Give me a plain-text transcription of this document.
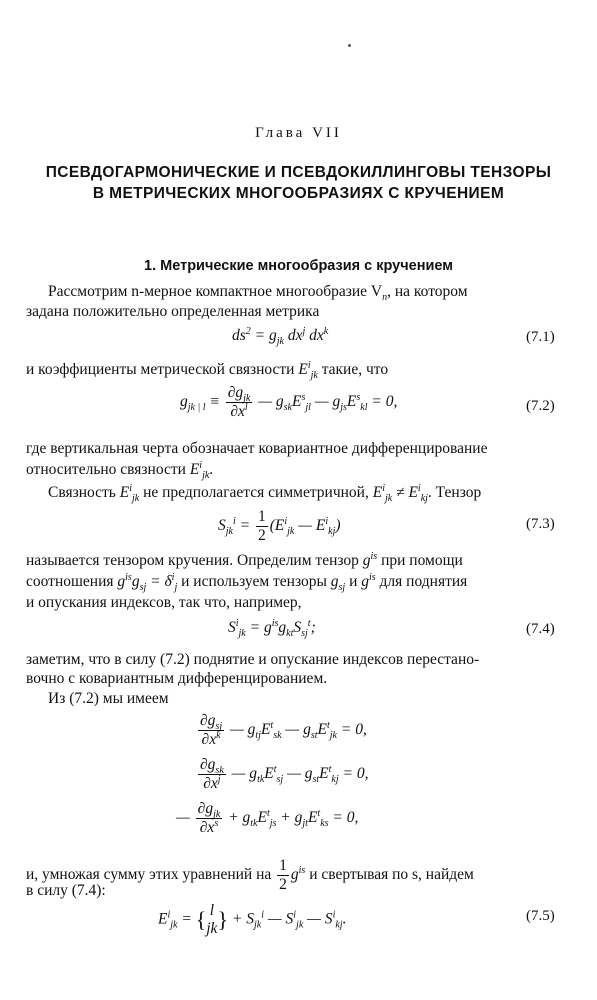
Глава VII
ПСЕВДОГАРМОНИЧЕСКИЕ И ПСЕВДОКИЛЛИНГОВЫ ТЕНЗОРЫ
В МЕТРИЧЕСКИХ МНОГООБРАЗИЯХ С КРУЧЕНИЕМ
1. Метрические многообразия с кручением
Рассмотрим n-мерное компактное многообразие $V_n$, на котором
задана положительно определенная метрика
$ds^2 = g_{jk}$ $dx^j$ $dx^k$	(7.1)
и коэффициенты метрической связности $E^i_{jk}$ такие, что
$g_{jk | l} \equiv \frac{\partial g_{jk}}{\partial x^l}$ — $g_{sk}E^s_{jl}$ — $g_{js}E^s_{kl} = 0$,	(7.2)
где вертикальная черта обозначает ковариантное дифференцирование
относительно связности $E^i_{jk}$.
Связность $E^i_{jk}$ не предполагается симметричной, $E^i_{jk} \ne E^i_{kj}$. Тензор
$S_{jk}^i = \frac{1}{2} (E^i_{jk}$ — $E^i_{kj}$)	(7.3)
называется тензором кручения. Определим тензор $g^{is}$ при помощи
соотношения $g^{is}g_{sj} = \delta^i_j$ и используем тензоры $g_{sj}$ и $g^{is}$ для поднятия
и опускания индексов, так что, например,
$S^i_{jk} = g^{is}g_{kt}S_{sj}^t$;	(7.4)
заметим, что в силу (7.2) поднятие и опускание индексов перестано-
вочно с ковариантным дифференцированием.
Из (7.2) мы имеем
$\frac{\partial g_{sj}}{\partial x^k}$ — $g_{tj}E^t_{sk}$ — $g_{st}E^t_{jk} = 0$,
$\frac{\partial g_{sk}}{\partial x^j}$ — $g_{tk}E^t_{sj}$ — $g_{st}E^t_{kj} = 0$,
— $\frac{\partial g_{jk}}{\partial x^s} + g_{tk}E^t_{js} + g_{jt}E^t_{ks} = 0$,
и, умножая сумму этих уравнений на $\frac{1}{2} g^{is}$ и свертывая по s, найдем
в силу (7.4):
$E^i_{jk}$ = { l
jk } + $S_{jk}^i$ — $S^i_{jk}$ — $S^i_{kj}$.	(7.5)
